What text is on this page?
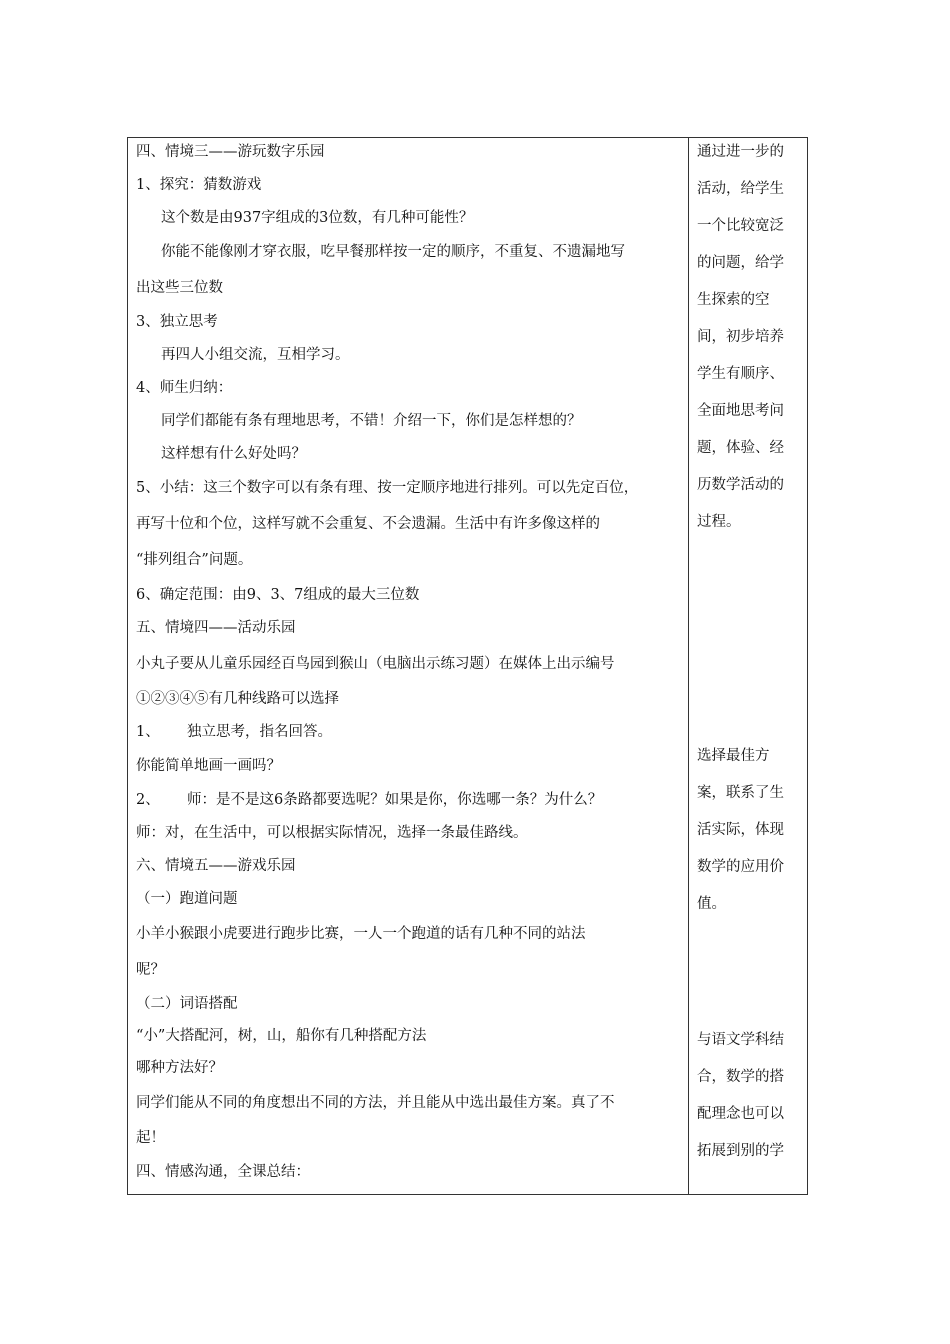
四、情境三——游玩数字乐园
1、探究：猜数游戏
这个数是由937字组成的3位数，有几种可能性？
你能不能像刚才穿衣服，吃早餐那样按一定的顺序，不重复、不遗漏地写
出这些三位数
3、独立思考
再四人小组交流，互相学习。
4、师生归纳：
同学们都能有条有理地思考，不错！介绍一下，你们是怎样想的？
这样想有什么好处吗？
5、小结：这三个数字可以有条有理、按一定顺序地进行排列。可以先定百位，
再写十位和个位，这样写就不会重复、不会遗漏。生活中有许多像这样的
“排列组合”问题。
6、确定范围：由9、3、7组成的最大三位数
五、情境四——活动乐园
小丸子要从儿童乐园经百鸟园到猴山（电脑出示练习题）在媒体上出示编号
①②③④⑤有几种线路可以选择
1、	独立思考，指名回答。
你能简单地画一画吗？
2、	师：是不是这6条路都要选呢？如果是你，你选哪一条？为什么？
师：对，在生活中，可以根据实际情况，选择一条最佳路线。
六、情境五——游戏乐园
（一）跑道问题
小羊小猴跟小虎要进行跑步比赛，一人一个跑道的话有几种不同的站法
呢？
（二）词语搭配
“小”大搭配河，树，山，船你有几种搭配方法
哪种方法好？
同学们能从不同的角度想出不同的方法，并且能从中选出最佳方案。真了不
起！
四、情感沟通，全课总结：
通过进一步的
活动，给学生
一个比较宽泛
的问题，给学
生探索的空
间，初步培养
学生有顺序、
全面地思考问
题，体验、经
历数学活动的
过程。
选择最佳方
案，联系了生
活实际，体现
数学的应用价
值。
与语文学科结
合，数学的搭
配理念也可以
拓展到别的学
